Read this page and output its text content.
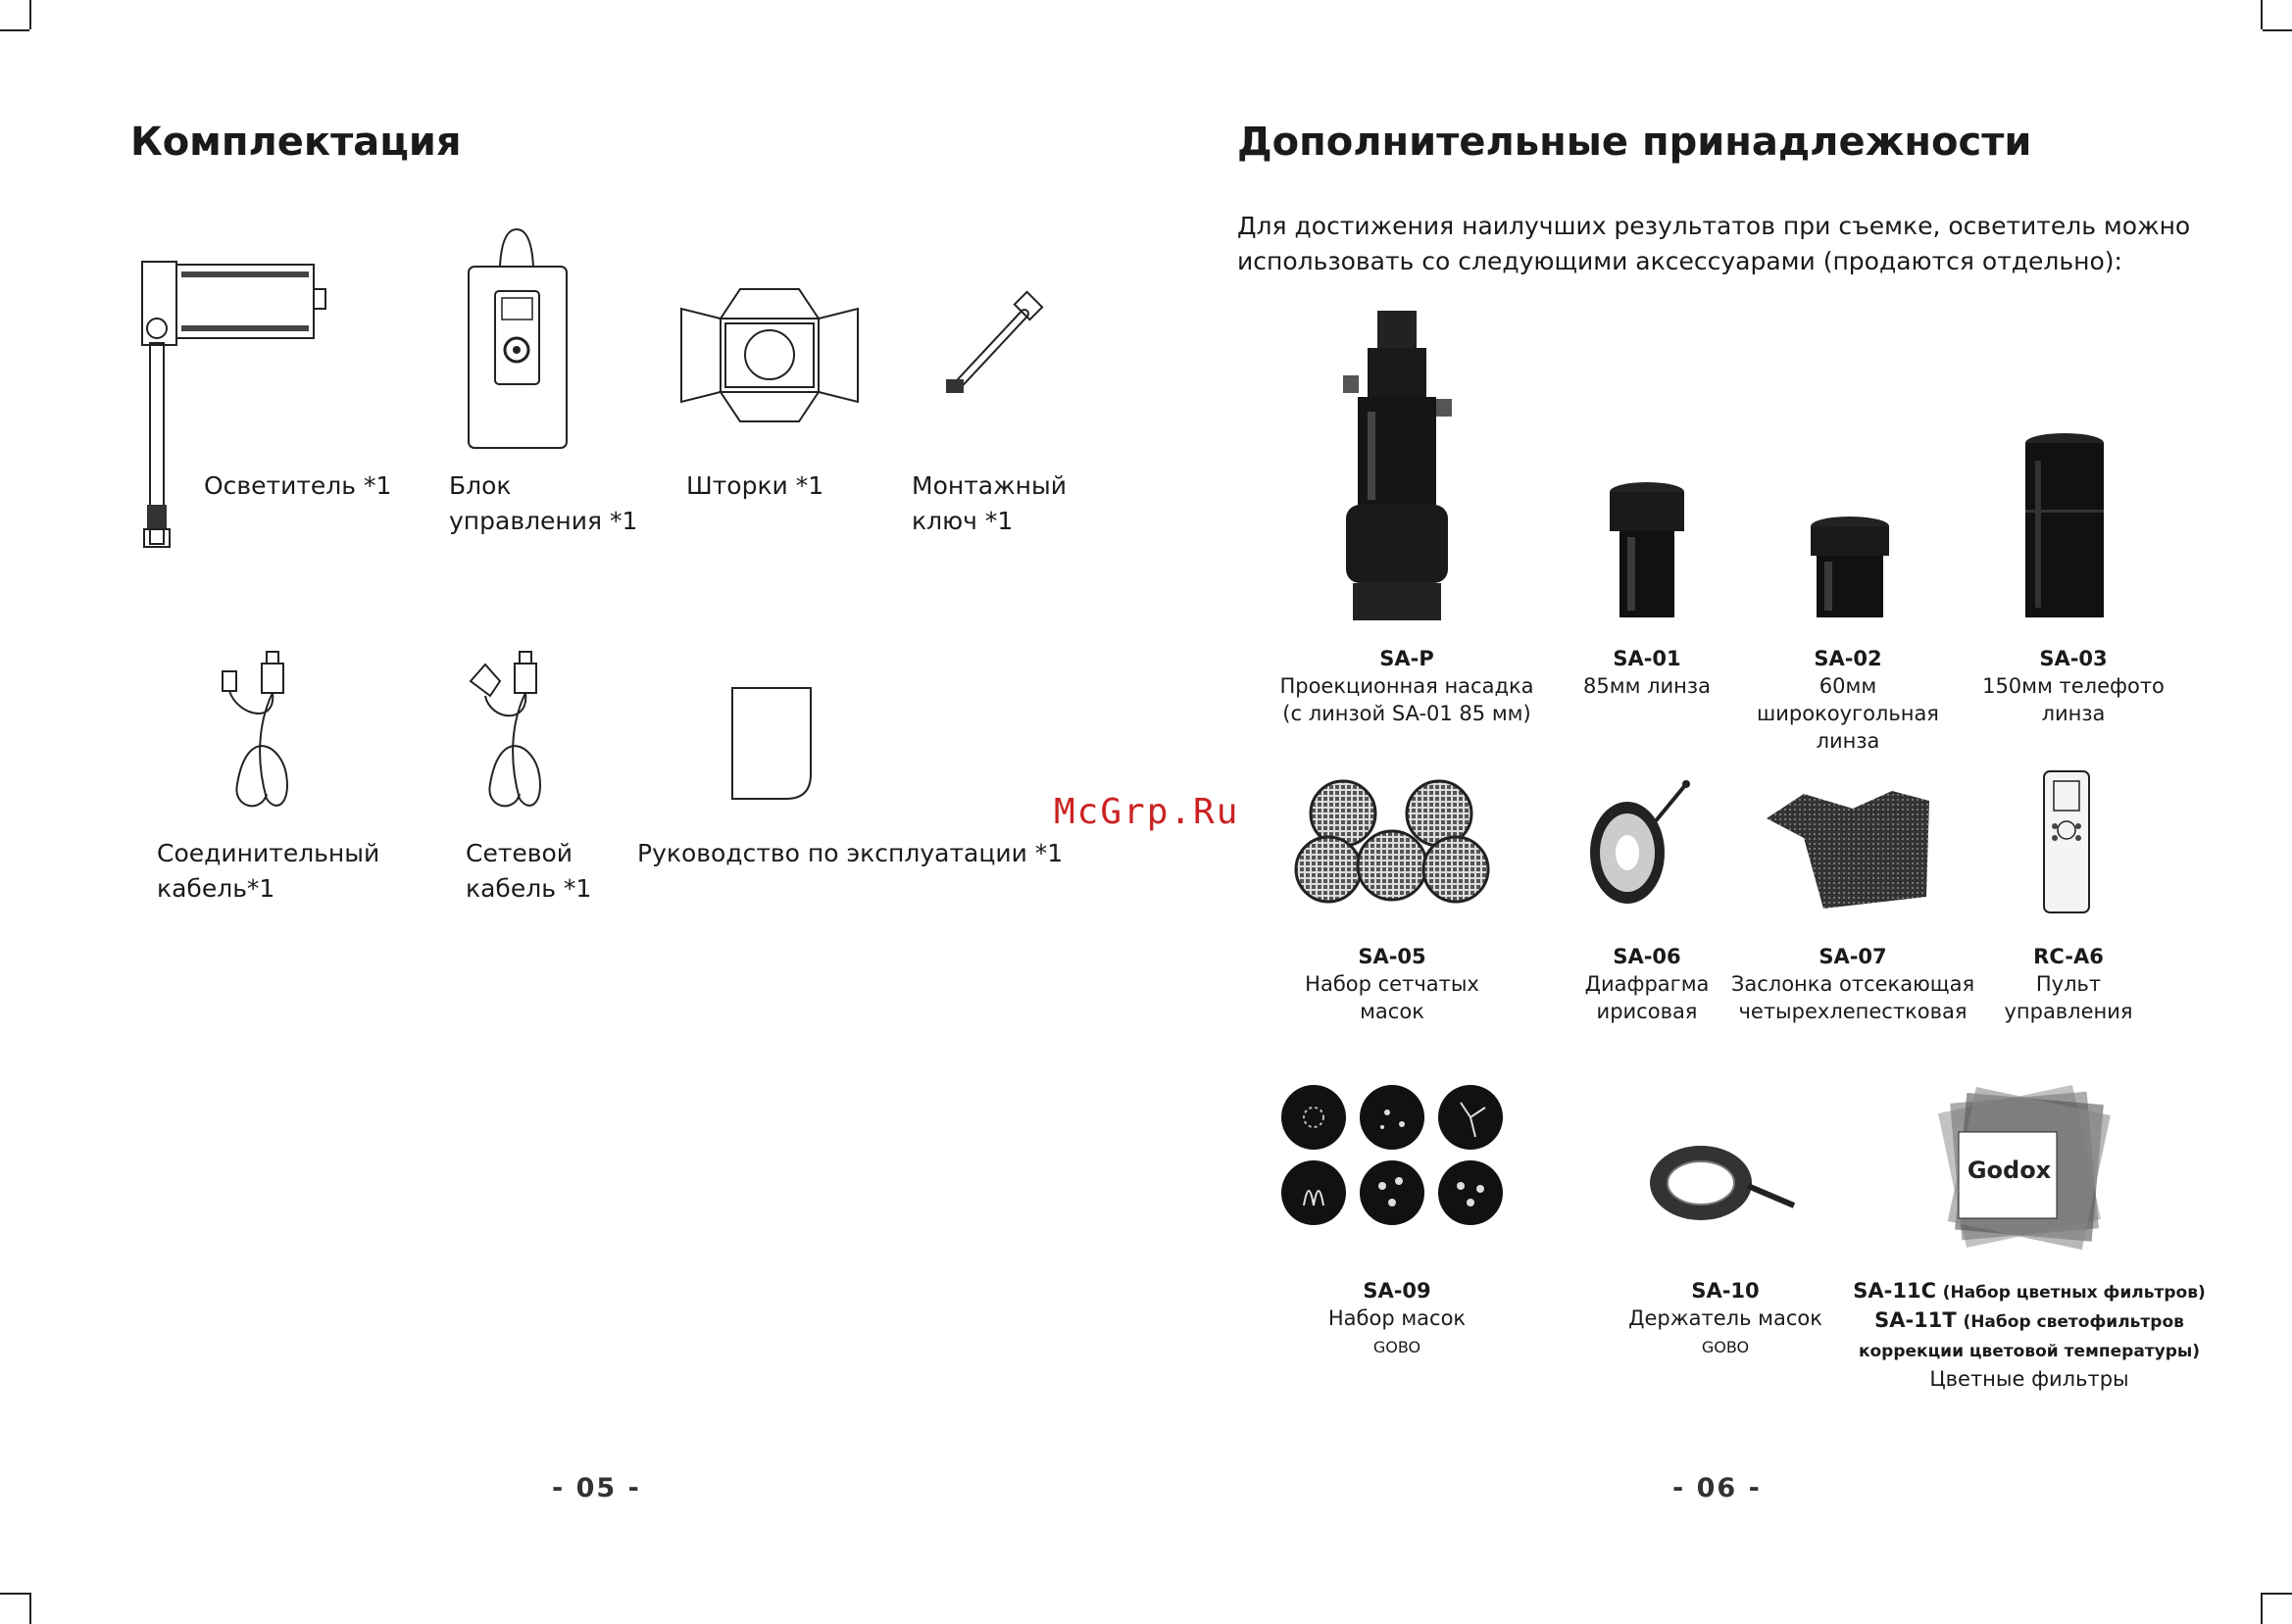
Комплектация
Осветитель *1 Блок
управления *1
Шторки *1	Монтажный
ключ *1
Соединительный
кабель*1
Сетевой
кабель *1
Руководство по эксплуатации *1
- 05 -
McGrp.Ru
Дополнительные принадлежности
Для достижения наилучших результатов при съемке, осветитель можно
использовать со следующими аксессуарами (продаются отдельно):
SA-P
Проекционная насадка
(с линзой SA-01 85 мм)
SA-01
85мм линза
SA-02
60мм широкоугольная
линза
SA-03
150мм телефото
линза
SA-05
Набор сетчатых
масок
SA-06
Диафрагма
ирисовая
SA-07
Заслонка отсекающая
четырехлепестковая
RC-A6
Пульт
управления
SA-09
Набор масок
GOBO
SA-10
Держатель масок
GOBO
Godox
SA-11C (Набор цветных фильтров)
SA-11T (Набор светофильтров
коррекции цветовой температуры)
Цветные фильтры
- 06 -
